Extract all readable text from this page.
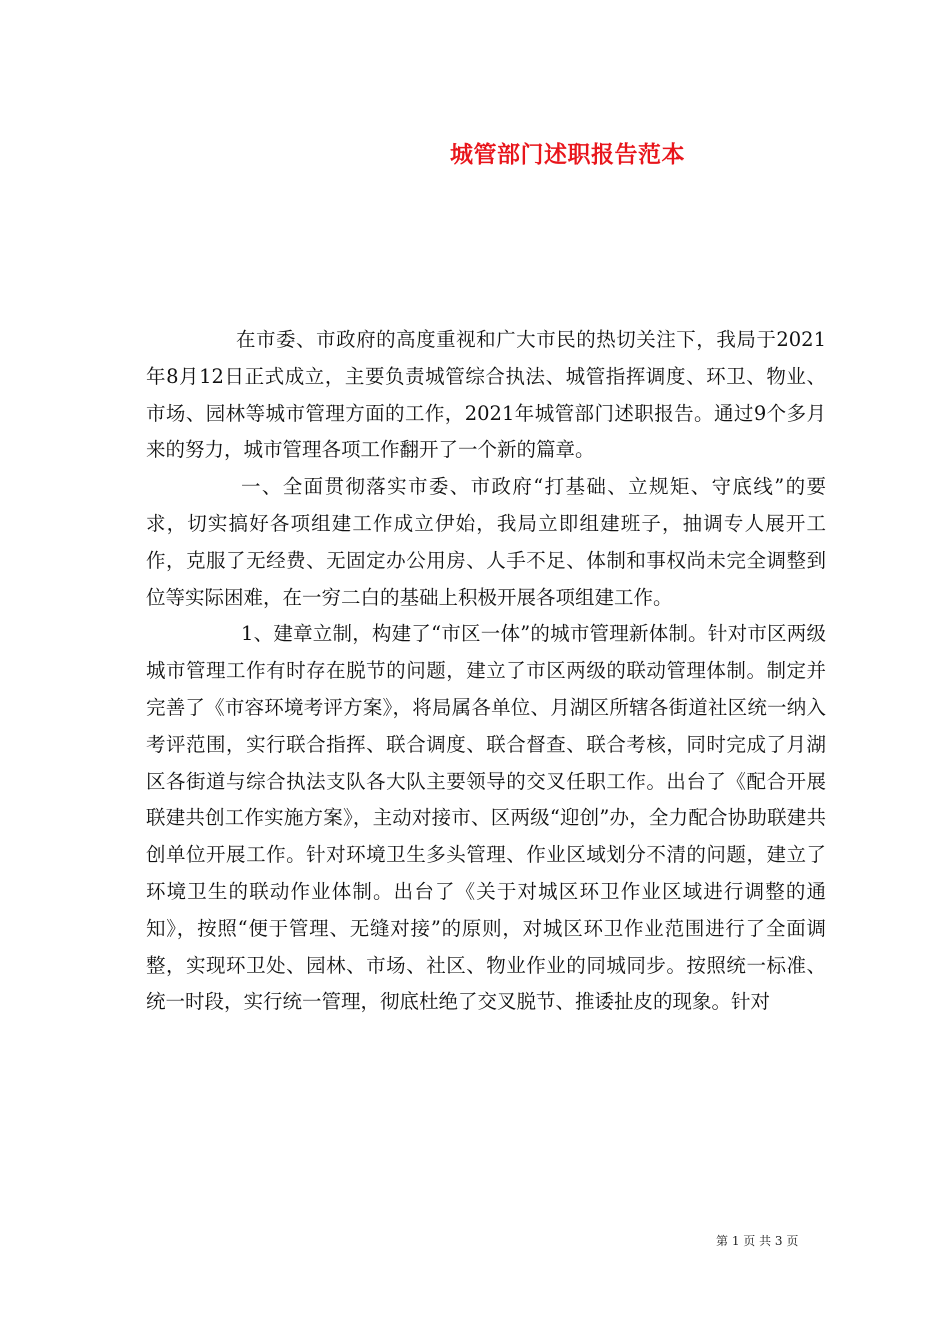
城管部门述职报告范本

在市委、市政府的高度重视和广大市民的热切关注下，我局于2021年8月12日正式成立，主要负责城管综合执法、城管指挥调度、环卫、物业、市场、园林等城市管理方面的工作，2021年城管部门述职报告。通过9个多月来的努力，城市管理各项工作翻开了一个新的篇章。

一、全面贯彻落实市委、市政府“打基础、立规矩、守底线”的要求，切实搞好各项组建工作成立伊始，我局立即组建班子，抽调专人展开工作，克服了无经费、无固定办公用房、人手不足、体制和事权尚未完全调整到位等实际困难，在一穷二白的基础上积极开展各项组建工作。

1、建章立制，构建了“市区一体”的城市管理新体制。针对市区两级城市管理工作有时存在脱节的问题，建立了市区两级的联动管理体制。制定并完善了《市容环境考评方案》，将局属各单位、月湖区所辖各街道社区统一纳入考评范围，实行联合指挥、联合调度、联合督查、联合考核，同时完成了月湖区各街道与综合执法支队各大队主要领导的交叉任职工作。出台了《配合开展联建共创工作实施方案》，主动对接市、区两级“迎创”办，全力配合协助联建共创单位开展工作。针对环境卫生多头管理、作业区域划分不清的问题，建立了环境卫生的联动作业体制。出台了《关于对城区环卫作业区域进行调整的通知》，按照“便于管理、无缝对接”的原则，对城区环卫作业范围进行了全面调整，实现环卫处、园林、市场、社区、物业作业的同城同步。按照统一标准、统一时段，实行统一管理，彻底杜绝了交叉脱节、推诿扯皮的现象。针对

第 1 页 共 3 页
